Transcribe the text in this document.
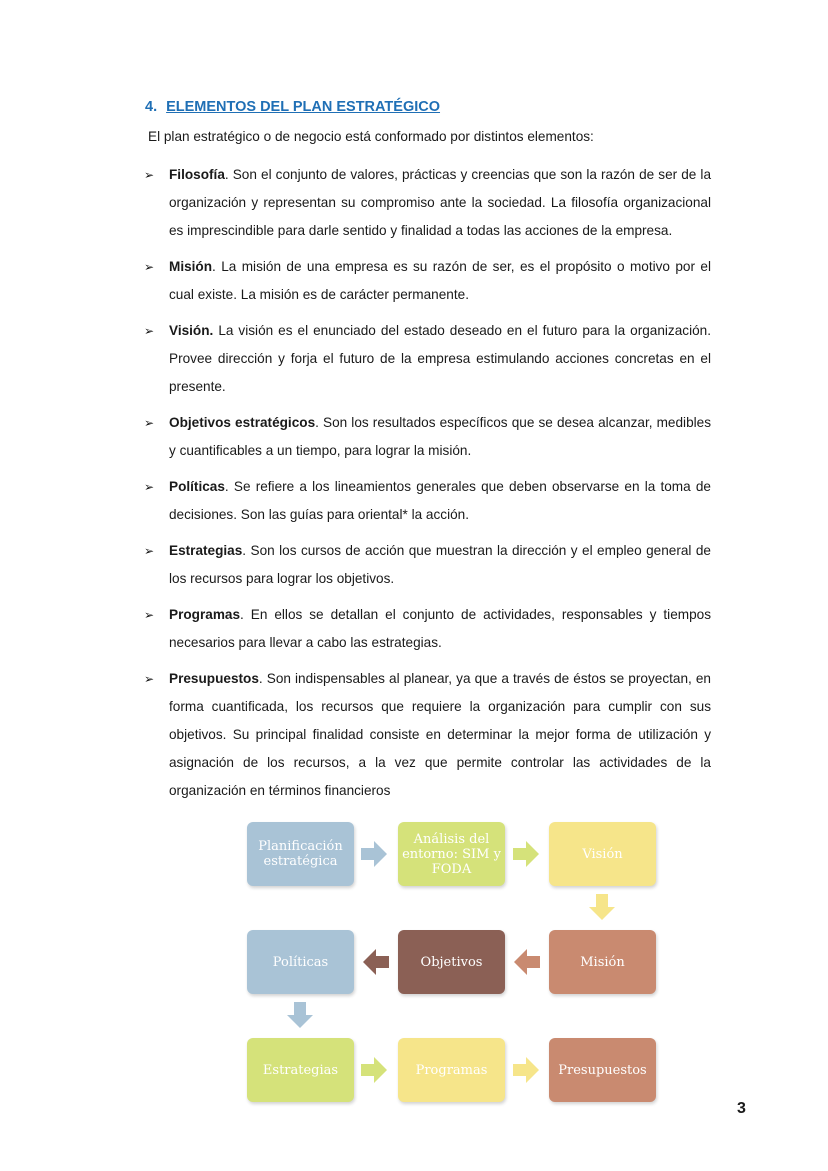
4. ELEMENTOS DEL PLAN ESTRATÉGICO

El plan estratégico o de negocio está conformado por distintos elementos:

➢ Filosofía. Son el conjunto de valores, prácticas y creencias que son la razón de ser de la organización y representan su compromiso ante la sociedad. La filosofía organizacional es imprescindible para darle sentido y finalidad a todas las acciones de la empresa.
➢ Misión. La misión de una empresa es su razón de ser, es el propósito o motivo por el cual existe. La misión es de carácter permanente.
➢ Visión. La visión es el enunciado del estado deseado en el futuro para la organización. Provee dirección y forja el futuro de la empresa estimulando acciones concretas en el presente.
➢ Objetivos estratégicos. Son los resultados específicos que se desea alcanzar, medibles y cuantificables a un tiempo, para lograr la misión.
➢ Políticas. Se refiere a los lineamientos generales que deben observarse en la toma de decisiones. Son las guías para oriental* la acción.
➢ Estrategias. Son los cursos de acción que muestran la dirección y el empleo general de los recursos para lograr los objetivos.
➢ Programas. En ellos se detallan el conjunto de actividades, responsables y tiempos necesarios para llevar a cabo las estrategias.
➢ Presupuestos. Son indispensables al planear, ya que a través de éstos se proyectan, en forma cuantificada, los recursos que requiere la organización para cumplir con sus objetivos. Su principal finalidad consiste en determinar la mejor forma de utilización y asignación de los recursos, a la vez que permite controlar las actividades de la organización en términos financieros
Planificación estratégica
Análisis del entorno: SIM y FODA
Visión
Políticas	Objetivos	Misión
Estrategias	Programas	Presupuestos
3
